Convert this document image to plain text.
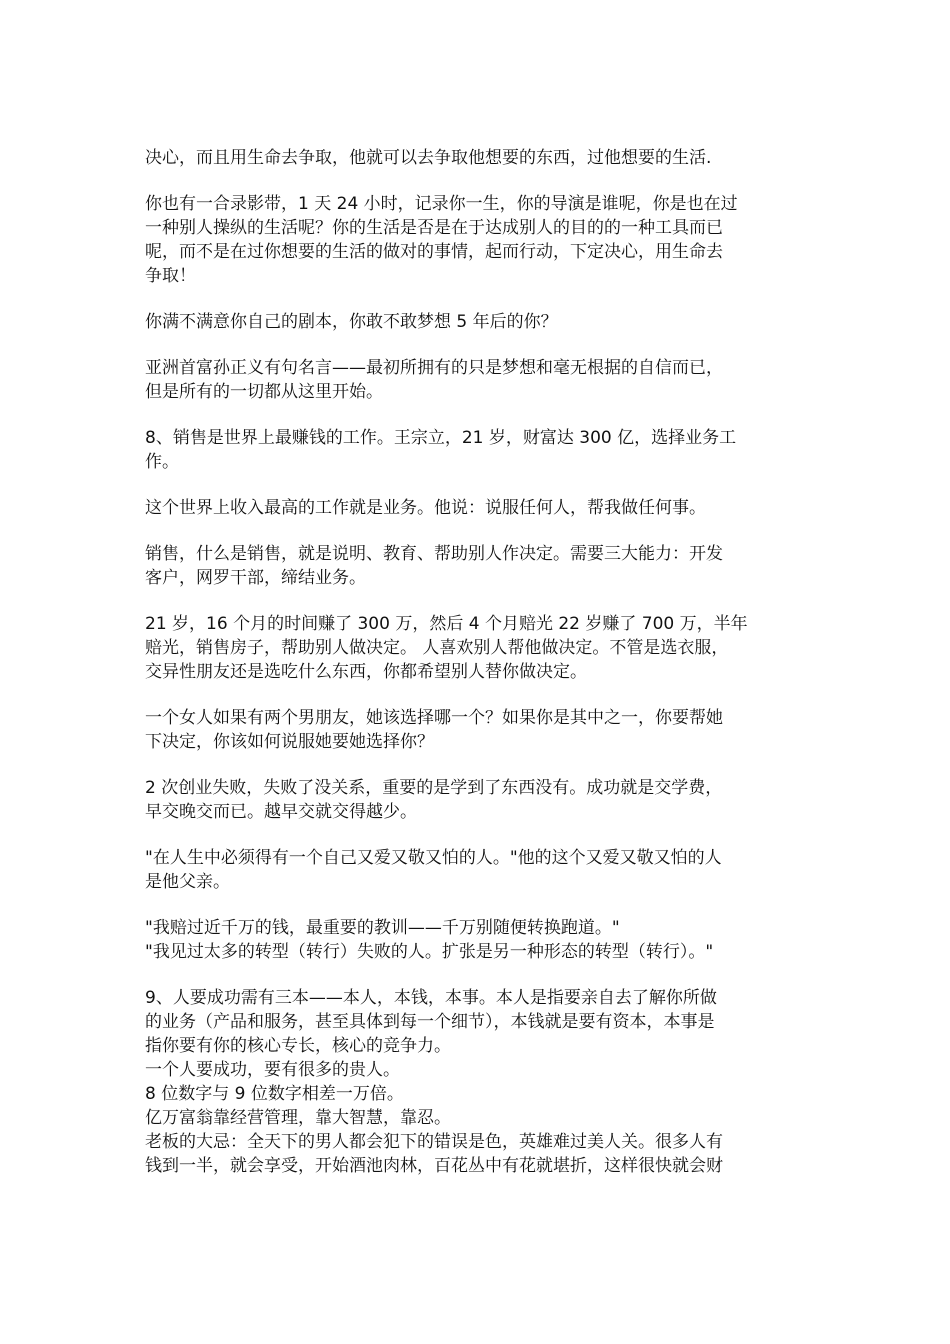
决心，而且用生命去争取，他就可以去争取他想要的东西，过他想要的生活.
你也有一合录影带，1 天 24 小时，记录你一生，你的导演是谁呢，你是也在过
一种别人操纵的生活呢？你的生活是否是在于达成别人的目的的一种工具而已
呢，而不是在过你想要的生活的做对的事情，起而行动，下定决心，用生命去
争取！
你满不满意你自己的剧本，你敢不敢梦想 5 年后的你？
亚洲首富孙正义有句名言——最初所拥有的只是梦想和毫无根据的自信而已，
但是所有的一切都从这里开始。
8、销售是世界上最赚钱的工作。王宗立，21 岁，财富达 300 亿，选择业务工
作。
这个世界上收入最高的工作就是业务。他说：说服任何人，帮我做任何事。
销售，什么是销售，就是说明、教育、帮助别人作决定。需要三大能力：开发
客户，网罗干部，缔结业务。
21 岁，16 个月的时间赚了 300 万，然后 4 个月赔光 22 岁赚了 700 万，半年
赔光，销售房子，帮助别人做决定。 人喜欢别人帮他做决定。不管是选衣服，
交异性朋友还是选吃什么东西，你都希望别人替你做决定。
一个女人如果有两个男朋友，她该选择哪一个？如果你是其中之一，你要帮她
下决定，你该如何说服她要她选择你？
2 次创业失败，失败了没关系，重要的是学到了东西没有。成功就是交学费，
早交晚交而已。越早交就交得越少。
"在人生中必须得有一个自己又爱又敬又怕的人。"他的这个又爱又敬又怕的人
是他父亲。
"我赔过近千万的钱，最重要的教训——千万别随便转换跑道。"
"我见过太多的转型（转行）失败的人。扩张是另一种形态的转型（转行）。"
9、人要成功需有三本——本人，本钱，本事。本人是指要亲自去了解你所做
的业务（产品和服务，甚至具体到每一个细节），本钱就是要有资本，本事是
指你要有你的核心专长，核心的竞争力。
一个人要成功，要有很多的贵人。
8 位数字与 9 位数字相差一万倍。
亿万富翁靠经营管理，靠大智慧，靠忍。
老板的大忌：全天下的男人都会犯下的错误是色，英雄难过美人关。很多人有
钱到一半，就会享受，开始酒池肉林，百花丛中有花就堪折，这样很快就会财
